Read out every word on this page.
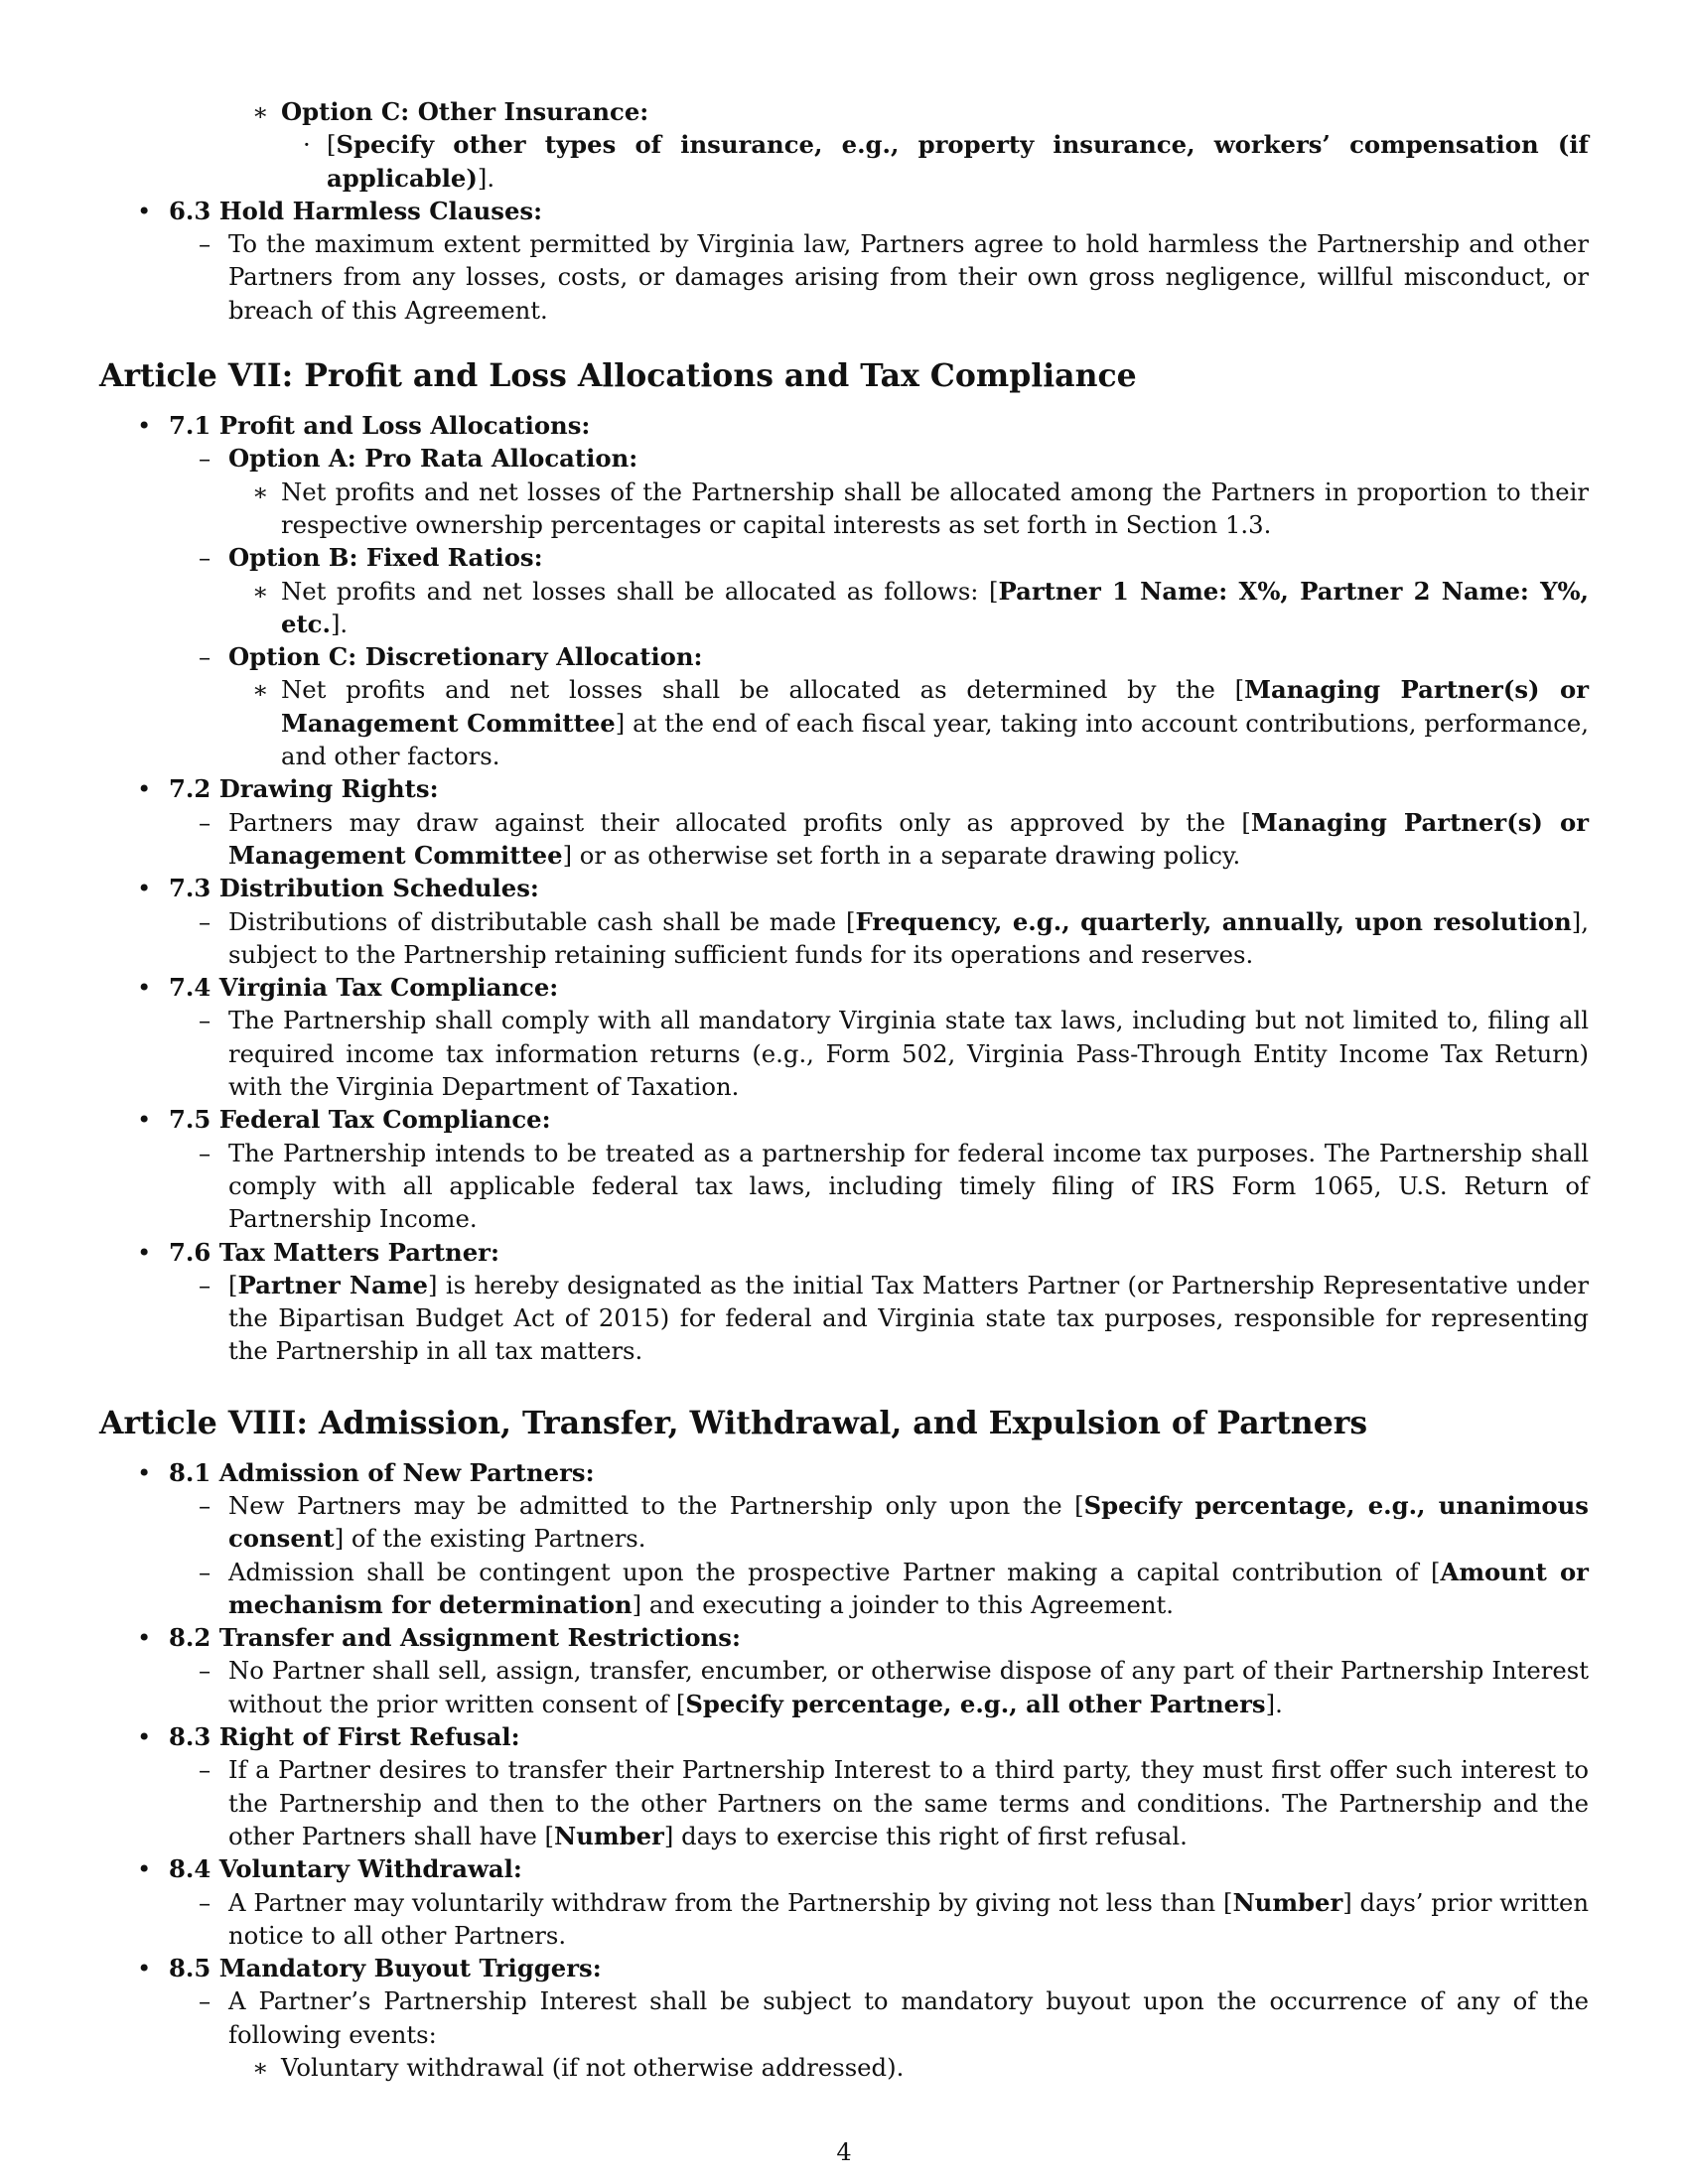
∗ Option C: Other Insurance:
· [Specify other types of insurance, e.g., property insurance, workers’ compensation (if applicable)].
• 6.3 Hold Harmless Clauses:
– To the maximum extent permitted by Virginia law, Partners agree to hold harmless the Partnership and other Partners from any losses, costs, or damages arising from their own gross negligence, willful misconduct, or breach of this Agreement.
Article VII: Profit and Loss Allocations and Tax Compliance
• 7.1 Profit and Loss Allocations:
– Option A: Pro Rata Allocation:
∗ Net profits and net losses of the Partnership shall be allocated among the Partners in proportion to their respective ownership percentages or capital interests as set forth in Section 1.3.
– Option B: Fixed Ratios:
∗ Net profits and net losses shall be allocated as follows: [Partner 1 Name: X%, Partner 2 Name: Y%, etc.].
– Option C: Discretionary Allocation:
∗ Net profits and net losses shall be allocated as determined by the [Managing Partner(s) or Management Committee] at the end of each fiscal year, taking into account contributions, performance, and other factors.
• 7.2 Drawing Rights:
– Partners may draw against their allocated profits only as approved by the [Managing Partner(s) or Management Committee] or as otherwise set forth in a separate drawing policy.
• 7.3 Distribution Schedules:
– Distributions of distributable cash shall be made [Frequency, e.g., quarterly, annually, upon resolution], subject to the Partnership retaining sufficient funds for its operations and reserves.
• 7.4 Virginia Tax Compliance:
– The Partnership shall comply with all mandatory Virginia state tax laws, including but not limited to, filing all required income tax information returns (e.g., Form 502, Virginia Pass-Through Entity Income Tax Return) with the Virginia Department of Taxation.
• 7.5 Federal Tax Compliance:
– The Partnership intends to be treated as a partnership for federal income tax purposes. The Partnership shall comply with all applicable federal tax laws, including timely filing of IRS Form 1065, U.S. Return of Partnership Income.
• 7.6 Tax Matters Partner:
– [Partner Name] is hereby designated as the initial Tax Matters Partner (or Partnership Representative under the Bipartisan Budget Act of 2015) for federal and Virginia state tax purposes, responsible for representing the Partnership in all tax matters.
Article VIII: Admission, Transfer, Withdrawal, and Expulsion of Partners
• 8.1 Admission of New Partners:
– New Partners may be admitted to the Partnership only upon the [Specify percentage, e.g., unanimous consent] of the existing Partners.
– Admission shall be contingent upon the prospective Partner making a capital contribution of [Amount or mechanism for determination] and executing a joinder to this Agreement.
• 8.2 Transfer and Assignment Restrictions:
– No Partner shall sell, assign, transfer, encumber, or otherwise dispose of any part of their Partnership Interest without the prior written consent of [Specify percentage, e.g., all other Partners].
• 8.3 Right of First Refusal:
– If a Partner desires to transfer their Partnership Interest to a third party, they must first offer such interest to the Partnership and then to the other Partners on the same terms and conditions. The Partnership and the other Partners shall have [Number] days to exercise this right of first refusal.
• 8.4 Voluntary Withdrawal:
– A Partner may voluntarily withdraw from the Partnership by giving not less than [Number] days’ prior written notice to all other Partners.
• 8.5 Mandatory Buyout Triggers:
– A Partner’s Partnership Interest shall be subject to mandatory buyout upon the occurrence of any of the following events:
∗ Voluntary withdrawal (if not otherwise addressed).
4
